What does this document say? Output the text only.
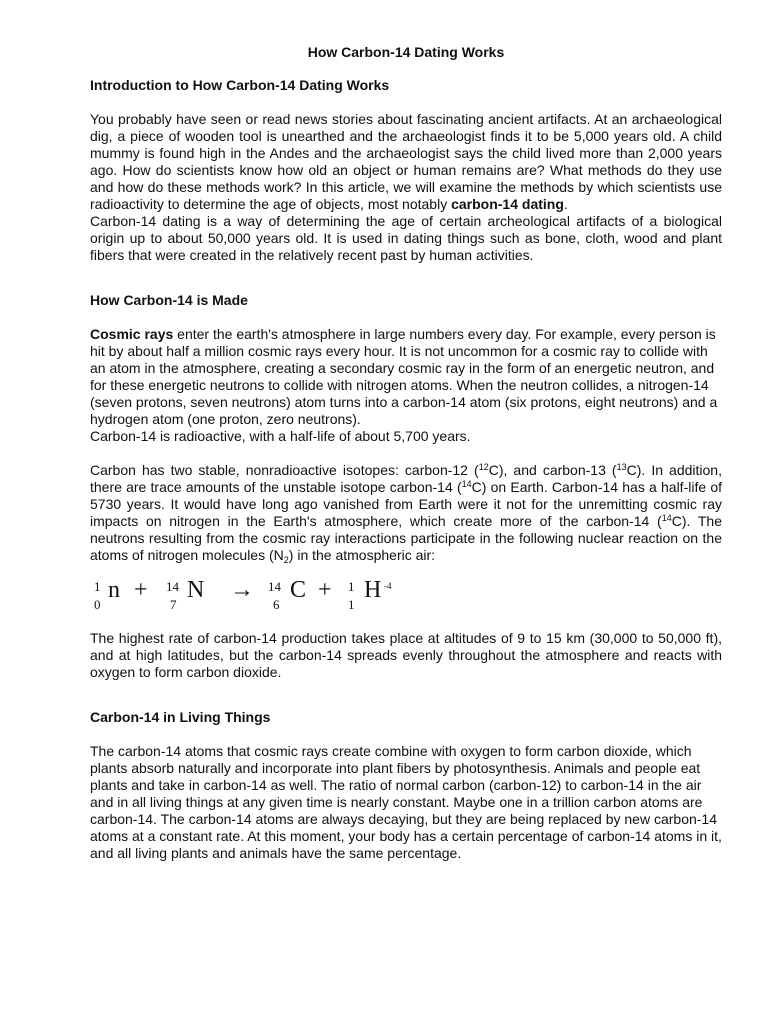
How Carbon-14 Dating Works
Introduction to How Carbon-14 Dating Works

You probably have seen or read news stories about fascinating ancient artifacts. At an archaeological dig, a piece of wooden tool is unearthed and the archaeologist finds it to be 5,000 years old. A child mummy is found high in the Andes and the archaeologist says the child lived more than 2,000 years ago. How do scientists know how old an object or human remains are? What methods do they use and how do these methods work? In this article, we will examine the methods by which scientists use radioactivity to determine the age of objects, most notably carbon-14 dating.

Carbon-14 dating is a way of determining the age of certain archeological artifacts of a biological origin up to about 50,000 years old. It is used in dating things such as bone, cloth, wood and plant fibers that were created in the relatively recent past by human activities.

How Carbon-14 is Made

Cosmic rays enter the earth's atmosphere in large numbers every day. For example, every person is hit by about half a million cosmic rays every hour. It is not uncommon for a cosmic ray to collide with an atom in the atmosphere, creating a secondary cosmic ray in the form of an energetic neutron, and for these energetic neutrons to collide with nitrogen atoms. When the neutron collides, a nitrogen-14 (seven protons, seven neutrons) atom turns into a carbon-14 atom (six protons, eight neutrons) and a hydrogen atom (one proton, zero neutrons).

Carbon-14 is radioactive, with a half-life of about 5,700 years.

Carbon has two stable, nonradioactive isotopes: carbon-12 ($^{12}$C), and carbon-13 ($^{13}$C). In addition, there are trace amounts of the unstable isotope carbon-14 ($^{14}$C) on Earth. Carbon-14 has a half-life of 5730 years. It would have long ago vanished from Earth were it not for the unremitting cosmic ray impacts on nitrogen in the Earth's atmosphere, which create more of the carbon-14 ($^{14}$C). The neutrons resulting from the cosmic ray interactions participate in the following nuclear reaction on the atoms of nitrogen molecules $(N_2)$ in the atmospheric air:

1
0
n + 14
7
N → 14
6
C + 1
1
H -4

The highest rate of carbon-14 production takes place at altitudes of 9 to 15 km (30,000 to 50,000 ft), and at high latitudes, but the carbon-14 spreads evenly throughout the atmosphere and reacts with oxygen to form carbon dioxide.

Carbon-14 in Living Things

The carbon-14 atoms that cosmic rays create combine with oxygen to form carbon dioxide, which plants absorb naturally and incorporate into plant fibers by photosynthesis. Animals and people eat plants and take in carbon-14 as well. The ratio of normal carbon (carbon-12) to carbon-14 in the air and in all living things at any given time is nearly constant. Maybe one in a trillion carbon atoms are carbon-14. The carbon-14 atoms are always decaying, but they are being replaced by new carbon-14 atoms at a constant rate. At this moment, your body has a certain percentage of carbon-14 atoms in it, and all living plants and animals have the same percentage.
